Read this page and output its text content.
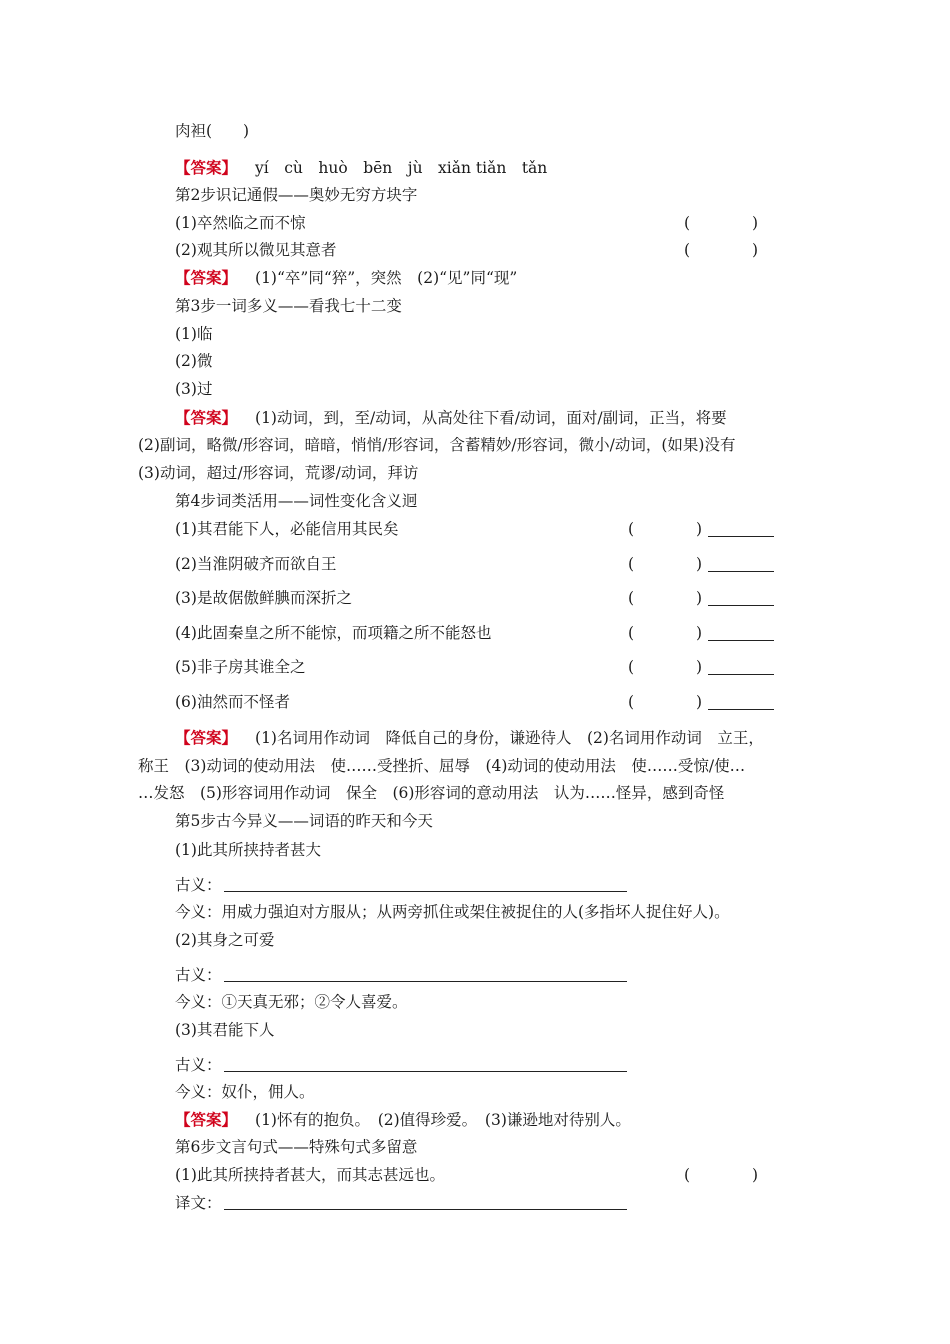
肉袒(　　)
【答案】 yí　cù　huò　bēn　jù　xiǎn tiǎn　tǎn
第2步识记通假——奥妙无穷方块字
(1)卒然临之而不惊	(　　　　)
(2)观其所以微见其意者	(　　　　)
【答案】 (1)“卒”同“猝”，突然　(2)“见”同“现”
第3步一词多义——看我七十二变
(1)临
(2)微
(3)过
【答案】 (1)动词，到，至/动词，从高处往下看/动词，面对/副词，正当，将要
(2)副词，略微/形容词，暗暗，悄悄/形容词，含蓄精妙/形容词，微小/动词，(如果)没有
(3)动词，超过/形容词，荒谬/动词，拜访
第4步词类活用——词性变化含义迥
(1)其君能下人，必能信用其民矣	(　　　　)
(2)当淮阴破齐而欲自王	(　　　　)
(3)是故倨傲鲜腆而深折之	(　　　　)
(4)此固秦皇之所不能惊，而项籍之所不能怒也	(　　　　)
(5)非子房其谁全之	(　　　　)
(6)油然而不怪者	(　　　　)
【答案】 (1)名词用作动词　降低自己的身份，谦逊待人　(2)名词用作动词　立王，
称王　(3)动词的使动用法　使……受挫折、屈辱　(4)动词的使动用法　使……受惊/使…
…发怒　(5)形容词用作动词　保全　(6)形容词的意动用法　认为……怪异，感到奇怪
第5步古今异义——词语的昨天和今天
(1)此其所挟持者甚大
古义：
今义：用威力强迫对方服从；从两旁抓住或架住被捉住的人(多指坏人捉住好人)。
(2)其身之可爱
古义：
今义：①天真无邪；②令人喜爱。
(3)其君能下人
古义：
今义：奴仆，佣人。
【答案】 (1)怀有的抱负。　(2)值得珍爱。　(3)谦逊地对待别人。
第6步文言句式——特殊句式多留意
(1)此其所挟持者甚大，而其志甚远也。	(　　　　)
译文：
